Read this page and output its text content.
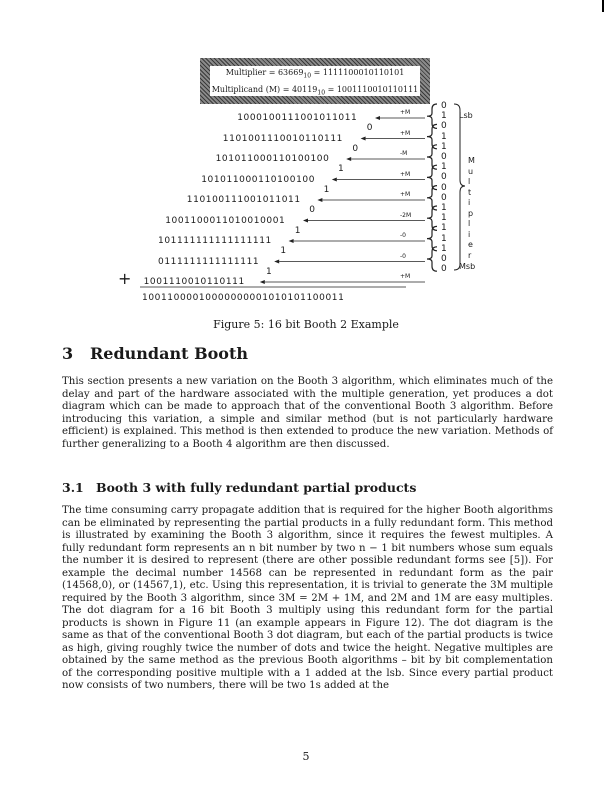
Multiplier = $63669_{10} = 1111100010110101$
Multiplicand $(M) = 40119_{10} = 1001110010110111$
+
Lsb
Msb
1000100111001011011
+M
1101001110010110111
+M
101011000110100100
-M
101011000110100100
+M
110100111001011011
+M
1001100011010010001
-2M
101111111111111111
-0
0111111111111111
-0
1001110010110111
+M
0
0
1
1
0
1
1
1
10011000010000000001010101100011
0
1
0
1
1
0
1
0
0
0
1
1
1
1
1
0
0
M
u
l
t
i
p
l
i
e
r
Figure 5: 16 bit Booth 2 Example
3 Redundant Booth
This section presents a new variation on the Booth 3 algorithm, which eliminates much of the delay and part of the hardware associated with the multiple generation, yet produces a dot diagram which can be made to approach that of the conventional Booth 3 algorithm. Before introducing this variation, a simple and similar method (but is not particularly hardware efficient) is explained. This method is then extended to produce the new variation. Methods of further generalizing to a Booth 4 algorithm are then discussed.
3.1 Booth 3 with fully redundant partial products
The time consuming carry propagate addition that is required for the higher Booth algorithms can be eliminated by representing the partial products in a fully redundant form. This method is illustrated by examining the Booth 3 algorithm, since it requires the fewest multiples. A fully redundant form represents an n bit number by two n − 1 bit numbers whose sum equals the number it is desired to represent (there are other possible redundant forms see [5]). For example the decimal number 14568 can be represented in redundant form as the pair (14568,0), or (14567,1), etc. Using this representation, it is trivial to generate the 3M multiple required by the Booth 3 algorithm, since 3M = 2M + 1M, and 2M and 1M are easy multiples. The dot diagram for a 16 bit Booth 3 multiply using this redundant form for the partial products is shown in Figure 11 (an example appears in Figure 12). The dot diagram is the same as that of the conventional Booth 3 dot diagram, but each of the partial products is twice as high, giving roughly twice the number of dots and twice the height. Negative multiples are obtained by the same method as the previous Booth algorithms – bit by bit complementation of the corresponding positive multiple with a 1 added at the lsb. Since every partial product now consists of two numbers, there will be two 1s added at the
5
